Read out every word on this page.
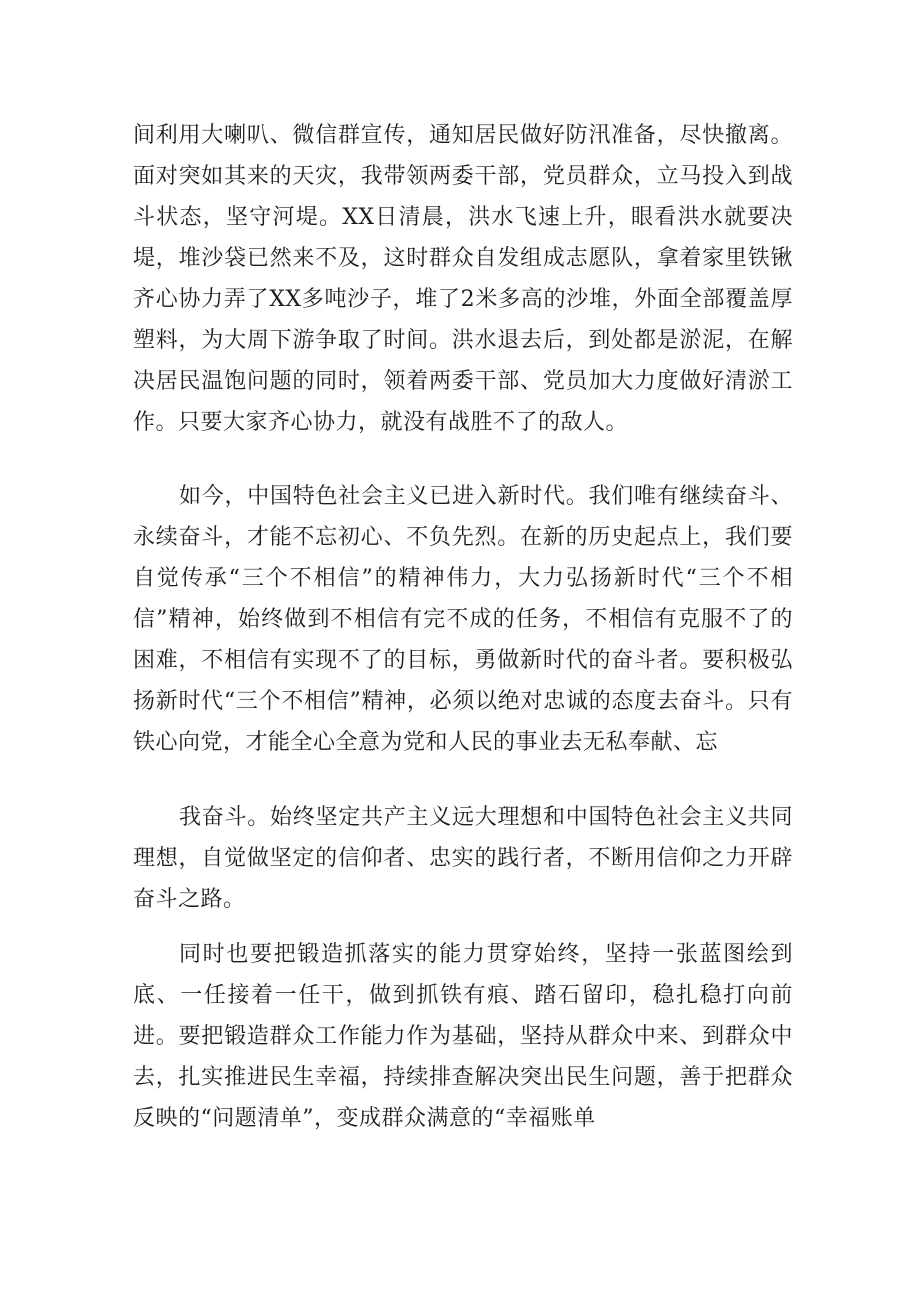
间利用大喇叭、微信群宣传，通知居民做好防汛准备，尽快撤离。面对突如其来的天灾，我带领两委干部，党员群众，立马投入到战斗状态，坚守河堤。XX日清晨，洪水飞速上升，眼看洪水就要决堤，堆沙袋已然来不及，这时群众自发组成志愿队，拿着家里铁锹齐心协力弄了XX多吨沙子，堆了2米多高的沙堆，外面全部覆盖厚塑料，为大周下游争取了时间。洪水退去后，到处都是淤泥，在解决居民温饱问题的同时，领着两委干部、党员加大力度做好清淤工作。只要大家齐心协力，就没有战胜不了的敌人。

如今，中国特色社会主义已进入新时代。我们唯有继续奋斗、永续奋斗，才能不忘初心、不负先烈。在新的历史起点上，我们要自觉传承“三个不相信”的精神伟力，大力弘扬新时代“三个不相信”精神，始终做到不相信有完不成的任务，不相信有克服不了的困难，不相信有实现不了的目标，勇做新时代的奋斗者。要积极弘扬新时代“三个不相信”精神，必须以绝对忠诚的态度去奋斗。只有铁心向党，才能全心全意为党和人民的事业去无私奉献、忘

我奋斗。始终坚定共产主义远大理想和中国特色社会主义共同理想，自觉做坚定的信仰者、忠实的践行者，不断用信仰之力开辟奋斗之路。

同时也要把锻造抓落实的能力贯穿始终，坚持一张蓝图绘到底、一任接着一任干，做到抓铁有痕、踏石留印，稳扎稳打向前进。要把锻造群众工作能力作为基础，坚持从群众中来、到群众中去，扎实推进民生幸福，持续排查解决突出民生问题，善于把群众反映的“问题清单”，变成群众满意的“幸福账单
